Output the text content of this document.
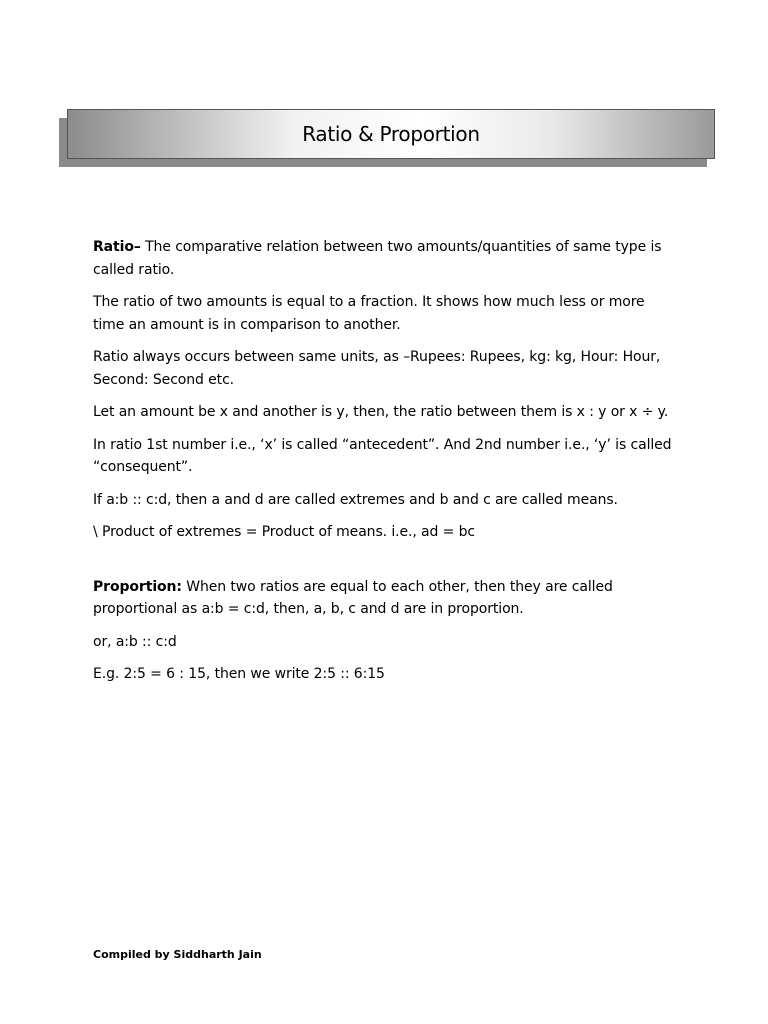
Ratio & Proportion

Ratio– The comparative relation between two amounts/quantities of same type is called ratio.

The ratio of two amounts is equal to a fraction. It shows how much less or more time an amount is in comparison to another.

Ratio always occurs between same units, as –Rupees: Rupees, kg: kg, Hour: Hour, Second: Second etc.

Let an amount be x and another is y, then, the ratio between them is x : y or x ÷ y.

In ratio 1st number i.e., ‘x’ is called “antecedent”. And 2nd number i.e., ‘y’ is called “consequent”.

If a:b :: c:d, then a and d are called extremes and b and c are called means.

\ Product of extremes = Product of means. i.e., ad = bc

Proportion: When two ratios are equal to each other, then they are called proportional as a:b = c:d, then, a, b, c and d are in proportion.

or, a:b :: c:d

E.g. 2:5 = 6 : 15, then we write 2:5 :: 6:15

Compiled by Siddharth Jain
